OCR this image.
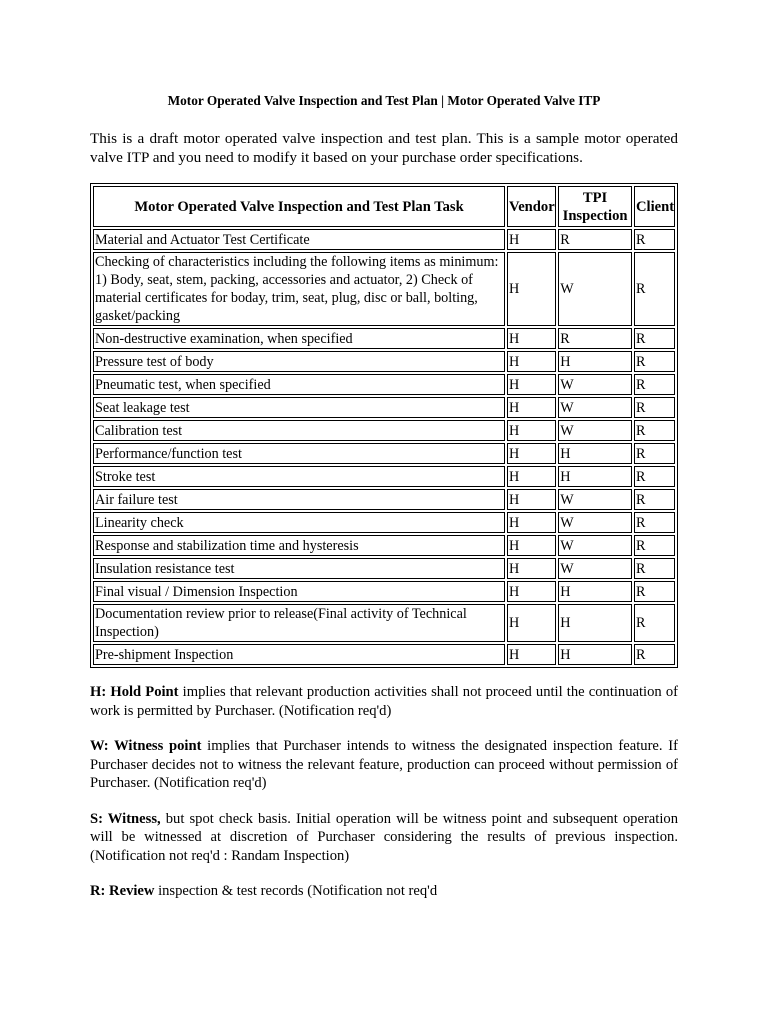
Motor Operated Valve Inspection and Test Plan | Motor Operated Valve ITP
This is a draft motor operated valve inspection and test plan. This is a sample motor operated valve ITP and you need to modify it based on your purchase order specifications.
Motor Operated Valve Inspection and Test Plan Task	Vendor	TPI Inspection	Client
Material and Actuator Test Certificate	H	R	R
Checking of characteristics including the following items as minimum: 1) Body, seat, stem, packing, accessories and actuator, 2) Check of material certificates for boday, trim, seat, plug, disc or ball, bolting, gasket/packing	H	W	R
Non-destructive examination, when specified	H	R	R
Pressure test of body	H	H	R
Pneumatic test, when specified	H	W	R
Seat leakage test	H	W	R
Calibration test	H	W	R
Performance/function test	H	H	R
Stroke test	H	H	R
Air failure test	H	W	R
Linearity check	H	W	R
Response and stabilization time and hysteresis	H	W	R
Insulation resistance test	H	W	R
Final visual / Dimension Inspection	H	H	R
Documentation review prior to release(Final activity of Technical Inspection)	H	H	R
Pre-shipment Inspection	H	H	R

H: Hold Point implies that relevant production activities shall not proceed until the continuation of work is permitted by Purchaser. (Notification req'd)

W: Witness point implies that Purchaser intends to witness the designated inspection feature. If Purchaser decides not to witness the relevant feature, production can proceed without permission of Purchaser. (Notification req'd)

S: Witness, but spot check basis. Initial operation will be witness point and subsequent operation will be witnessed at discretion of Purchaser considering the results of previous inspection. (Notification not req'd : Randam Inspection)

R: Review inspection & test records (Notification not req'd
